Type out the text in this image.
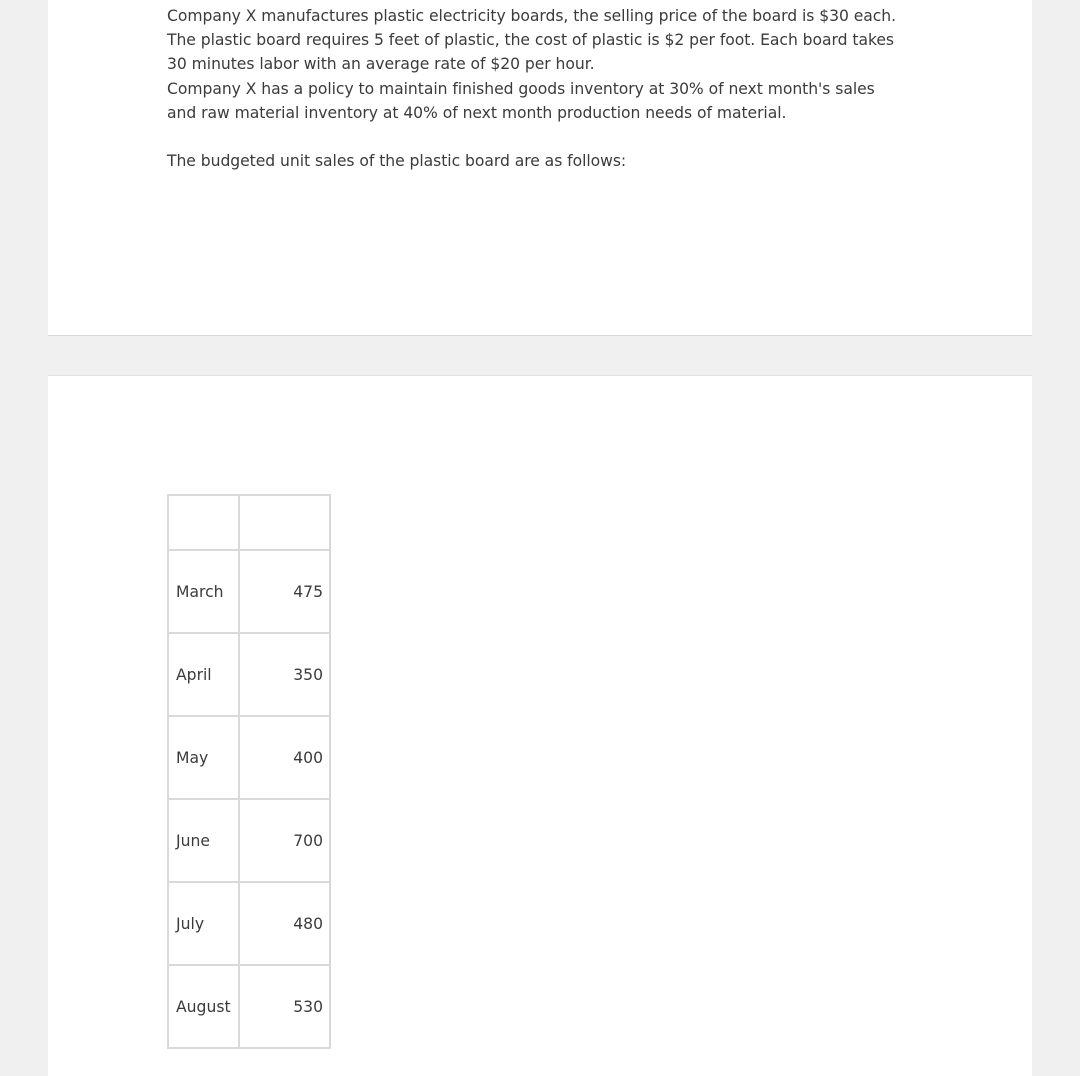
Company X manufactures plastic electricity boards, the selling price of the board is $30 each.

The plastic board requires 5 feet of plastic, the cost of plastic is $2 per foot. Each board takes

30 minutes labor with an average rate of $20 per hour.

Company X has a policy to maintain finished goods inventory at 30% of next month's sales

and raw material inventory at 40% of next month production needs of material.

The budgeted unit sales of the plastic board are as follows:

March	475
April	350
May	400
June	700
July	480
August	530
